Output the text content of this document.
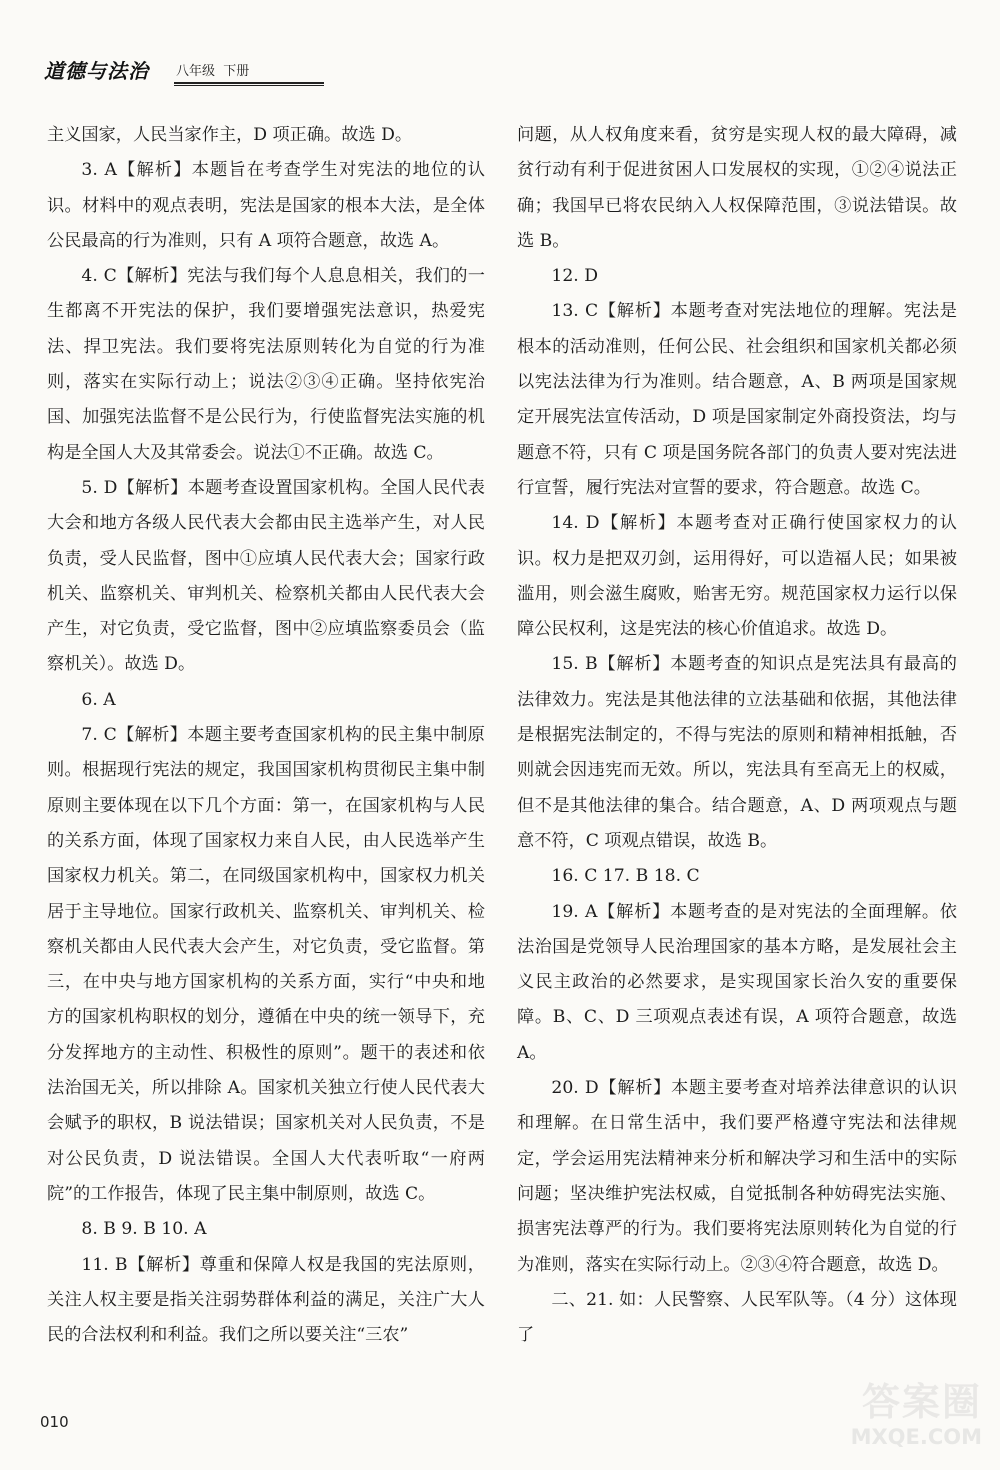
道德与法治	八年级  下册

主义国家，人民当家作主，D 项正确。故选 D。

3. A【解析】本题旨在考查学生对宪法的地位的认识。材料中的观点表明，宪法是国家的根本大法，是全体公民最高的行为准则，只有 A 项符合题意，故选 A。

4. C【解析】宪法与我们每个人息息相关，我们的一生都离不开宪法的保护，我们要增强宪法意识，热爱宪法、捍卫宪法。我们要将宪法原则转化为自觉的行为准则，落实在实际行动上；说法②③④正确。坚持依宪治国、加强宪法监督不是公民行为，行使监督宪法实施的机构是全国人大及其常委会。说法①不正确。故选 C。

5. D【解析】本题考查设置国家机构。全国人民代表大会和地方各级人民代表大会都由民主选举产生，对人民负责，受人民监督，图中①应填人民代表大会；国家行政机关、监察机关、审判机关、检察机关都由人民代表大会产生，对它负责，受它监督，图中②应填监察委员会（监察机关）。故选 D。

6. A

7. C【解析】本题主要考查国家机构的民主集中制原则。根据现行宪法的规定，我国国家机构贯彻民主集中制原则主要体现在以下几个方面：第一，在国家机构与人民的关系方面，体现了国家权力来自人民，由人民选举产生国家权力机关。第二，在同级国家机构中，国家权力机关居于主导地位。国家行政机关、监察机关、审判机关、检察机关都由人民代表大会产生，对它负责，受它监督。第三，在中央与地方国家机构的关系方面，实行“中央和地方的国家机构职权的划分，遵循在中央的统一领导下，充分发挥地方的主动性、积极性的原则”。题干的表述和依法治国无关，所以排除 A。国家机关独立行使人民代表大会赋予的职权，B 说法错误；国家机关对人民负责，不是对公民负责，D 说法错误。全国人大代表听取“一府两院”的工作报告，体现了民主集中制原则，故选 C。

8. B 9. B 10. A

11. B【解析】尊重和保障人权是我国的宪法原则，关注人权主要是指关注弱势群体利益的满足，关注广大人民的合法权利和利益。我们之所以要关注“三农”

问题，从人权角度来看，贫穷是实现人权的最大障碍，减贫行动有利于促进贫困人口发展权的实现，①②④说法正确；我国早已将农民纳入人权保障范围，③说法错误。故选 B。

12. D

13. C【解析】本题考查对宪法地位的理解。宪法是根本的活动准则，任何公民、社会组织和国家机关都必须以宪法法律为行为准则。结合题意，A、B 两项是国家规定开展宪法宣传活动，D 项是国家制定外商投资法，均与题意不符，只有 C 项是国务院各部门的负责人要对宪法进行宣誓，履行宪法对宣誓的要求，符合题意。故选 C。

14. D【解析】本题考查对正确行使国家权力的认识。权力是把双刃剑，运用得好，可以造福人民；如果被滥用，则会滋生腐败，贻害无穷。规范国家权力运行以保障公民权利，这是宪法的核心价值追求。故选 D。

15. B【解析】本题考查的知识点是宪法具有最高的法律效力。宪法是其他法律的立法基础和依据，其他法律是根据宪法制定的，不得与宪法的原则和精神相抵触，否则就会因违宪而无效。所以，宪法具有至高无上的权威，但不是其他法律的集合。结合题意，A、D 两项观点与题意不符，C 项观点错误，故选 B。

16. C 17. B 18. C

19. A【解析】本题考查的是对宪法的全面理解。依法治国是党领导人民治理国家的基本方略，是发展社会主义民主政治的必然要求，是实现国家长治久安的重要保障。B、C、D 三项观点表述有误，A 项符合题意，故选 A。

20. D【解析】本题主要考查对培养法律意识的认识和理解。在日常生活中，我们要严格遵守宪法和法律规定，学会运用宪法精神来分析和解决学习和生活中的实际问题；坚决维护宪法权威，自觉抵制各种妨碍宪法实施、损害宪法尊严的行为。我们要将宪法原则转化为自觉的行为准则，落实在实际行动上。②③④符合题意，故选 D。

二、21. 如：人民警察、人民军队等。（4 分）这体现了

010	答案圈
MXQE.COM
